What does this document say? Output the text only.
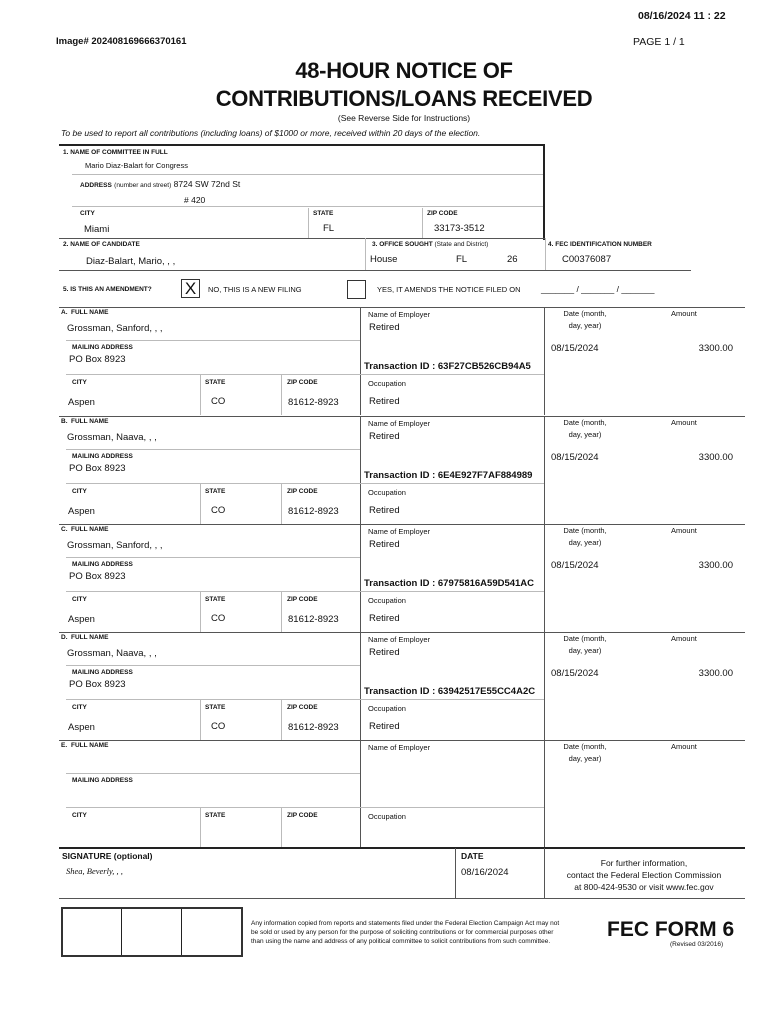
08/16/2024 11 : 22
Image# 202408169666370161	PAGE 1 / 1
48-HOUR NOTICE OF
CONTRIBUTIONS/LOANS RECEIVED
(See Reverse Side for Instructions)
To be used to report all contributions (including loans) of $1000 or more, received within 20 days of the election.
1. NAME OF COMMITTEE IN FULL
Mario Diaz-Balart for Congress
ADDRESS (number and street) 8724 SW 72nd St
# 420
CITY	STATE	ZIP CODE
Miami	FL	33173-3512
2. NAME OF CANDIDATE
Diaz-Balart, Mario, , ,
3. OFFICE SOUGHT (State and District)
House	FL	26
4. FEC IDENTIFICATION NUMBER
C00376087
5. IS THIS AN AMENDMENT? X	NO, THIS IS A NEW FILING	YES, IT AMENDS THE NOTICE FILED ON _______ / _______ / _______
A. FULL NAME
Grossman, Sanford, , ,
MAILING ADDRESS
PO Box 8923
CITY	STATE	ZIP CODE
Aspen	CO	81612-8923
Name of Employer
Retired
Transaction ID : 63F27CB526CB94A5
Occupation
Retired
Date (month,
day, year)
Amount
08/15/2024	3300.00
B. FULL NAME
Grossman, Naava, , ,
MAILING ADDRESS
PO Box 8923
CITY	STATE	ZIP CODE
Aspen	CO	81612-8923
Name of Employer
Retired
Transaction ID : 6E4E927F7AF884989
Occupation
Retired
Date (month,
day, year)
Amount
08/15/2024	3300.00
C. FULL NAME
Grossman, Sanford, , ,
MAILING ADDRESS
PO Box 8923
CITY	STATE	ZIP CODE
Aspen	CO	81612-8923
Name of Employer
Retired
Transaction ID : 67975816A59D541AC
Occupation
Retired
Date (month,
day, year)
Amount
08/15/2024	3300.00
D. FULL NAME
Grossman, Naava, , ,
MAILING ADDRESS
PO Box 8923
CITY	STATE	ZIP CODE
Aspen	CO	81612-8923
Name of Employer
Retired
Transaction ID : 63942517E55CC4A2C
Occupation
Retired
Date (month,
day, year)
Amount
08/15/2024	3300.00
E. FULL NAME
MAILING ADDRESS
CITY	STATE	ZIP CODE
Name of Employer
Occupation
Date (month,
day, year)
Amount
SIGNATURE (optional)
Shea, Beverly, , ,
DATE
08/16/2024
For further information,
contact the Federal Election Commission
at 800-424-9530 or visit www.fec.gov
Any information copied from reports and statements filed under the Federal Election Campaign Act may not
be sold or used by any person for the purpose of soliciting contributions or for commercial purposes other
than using the name and address of any political committee to solicit contributions from such committee.
FEC FORM 6
(Revised 03/2016)
